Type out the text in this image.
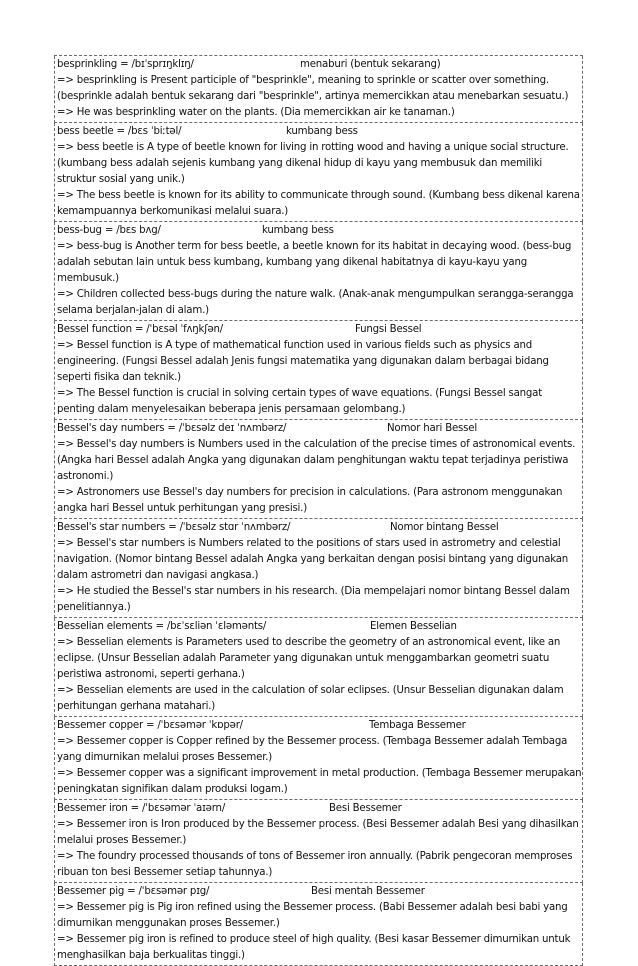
besprinkling = /bɪˈsprɪŋklɪŋ/	menaburi (bentuk sekarang)
=> besprinkling is Present participle of "besprinkle", meaning to sprinkle or scatter over something. (besprinkle adalah bentuk sekarang dari "besprinkle", artinya memercikkan atau menebarkan sesuatu.)
=> He was besprinkling water on the plants. (Dia memercikkan air ke tanaman.)
bess beetle = /bɛs ˈbiːtəl/	kumbang bess
=> bess beetle is A type of beetle known for living in rotting wood and having a unique social structure. (kumbang bess adalah sejenis kumbang yang dikenal hidup di kayu yang membusuk dan memiliki struktur sosial yang unik.)
=> The bess beetle is known for its ability to communicate through sound. (Kumbang bess dikenal karena kemampuannya berkomunikasi melalui suara.)
bess-bug = /bɛs bʌg/	kumbang bess
=> bess-bug is Another term for bess beetle, a beetle known for its habitat in decaying wood. (bess-bug adalah sebutan lain untuk bess kumbang, kumbang yang dikenal habitatnya di kayu-kayu yang membusuk.)
=> Children collected bess-bugs during the nature walk. (Anak-anak mengumpulkan serangga-serangga selama berjalan-jalan di alam.)
Bessel function = /ˈbɛsəl ˈfʌŋkʃən/	Fungsi Bessel
=> Bessel function is A type of mathematical function used in various fields such as physics and engineering. (Fungsi Bessel adalah Jenis fungsi matematika yang digunakan dalam berbagai bidang seperti fisika dan teknik.)
=> The Bessel function is crucial in solving certain types of wave equations. (Fungsi Bessel sangat penting dalam menyelesaikan beberapa jenis persamaan gelombang.)
Bessel's day numbers = /ˈbɛsəlz deɪ ˈnʌmbərz/	Nomor hari Bessel
=> Bessel's day numbers is Numbers used in the calculation of the precise times of astronomical events. (Angka hari Bessel adalah Angka yang digunakan dalam penghitungan waktu tepat terjadinya peristiwa astronomi.)
=> Astronomers use Bessel's day numbers for precision in calculations. (Para astronom menggunakan angka hari Bessel untuk perhitungan yang presisi.)
Bessel's star numbers = /ˈbɛsəlz stɑr ˈnʌmbərz/	Nomor bintang Bessel
=> Bessel's star numbers is Numbers related to the positions of stars used in astrometry and celestial navigation. (Nomor bintang Bessel adalah Angka yang berkaitan dengan posisi bintang yang digunakan dalam astrometri dan navigasi angkasa.)
=> He studied the Bessel's star numbers in his research. (Dia mempelajari nomor bintang Bessel dalam penelitiannya.)
Besselian elements = /bɛˈsɛliən ˈɛləmənts/	Elemen Besselian
=> Besselian elements is Parameters used to describe the geometry of an astronomical event, like an eclipse. (Unsur Besselian adalah Parameter yang digunakan untuk menggambarkan geometri suatu peristiwa astronomi, seperti gerhana.)
=> Besselian elements are used in the calculation of solar eclipses. (Unsur Besselian digunakan dalam perhitungan gerhana matahari.)
Bessemer copper = /ˈbɛsəmər ˈkɒpər/	Tembaga Bessemer
=> Bessemer copper is Copper refined by the Bessemer process. (Tembaga Bessemer adalah Tembaga yang dimurnikan melalui proses Bessemer.)
=> Bessemer copper was a significant improvement in metal production. (Tembaga Bessemer merupakan peningkatan signifikan dalam produksi logam.)
Bessemer iron = /ˈbɛsəmər ˈaɪərn/	Besi Bessemer
=> Bessemer iron is Iron produced by the Bessemer process. (Besi Bessemer adalah Besi yang dihasilkan melalui proses Bessemer.)
=> The foundry processed thousands of tons of Bessemer iron annually. (Pabrik pengecoran memproses ribuan ton besi Bessemer setiap tahunnya.)
Bessemer pig = /ˈbɛsəmər pɪg/	Besi mentah Bessemer
=> Bessemer pig is Pig iron refined using the Bessemer process. (Babi Bessemer adalah besi babi yang dimurnikan menggunakan proses Bessemer.)
=> Bessemer pig iron is refined to produce steel of high quality. (Besi kasar Bessemer dimurnikan untuk menghasilkan baja berkualitas tinggi.)
